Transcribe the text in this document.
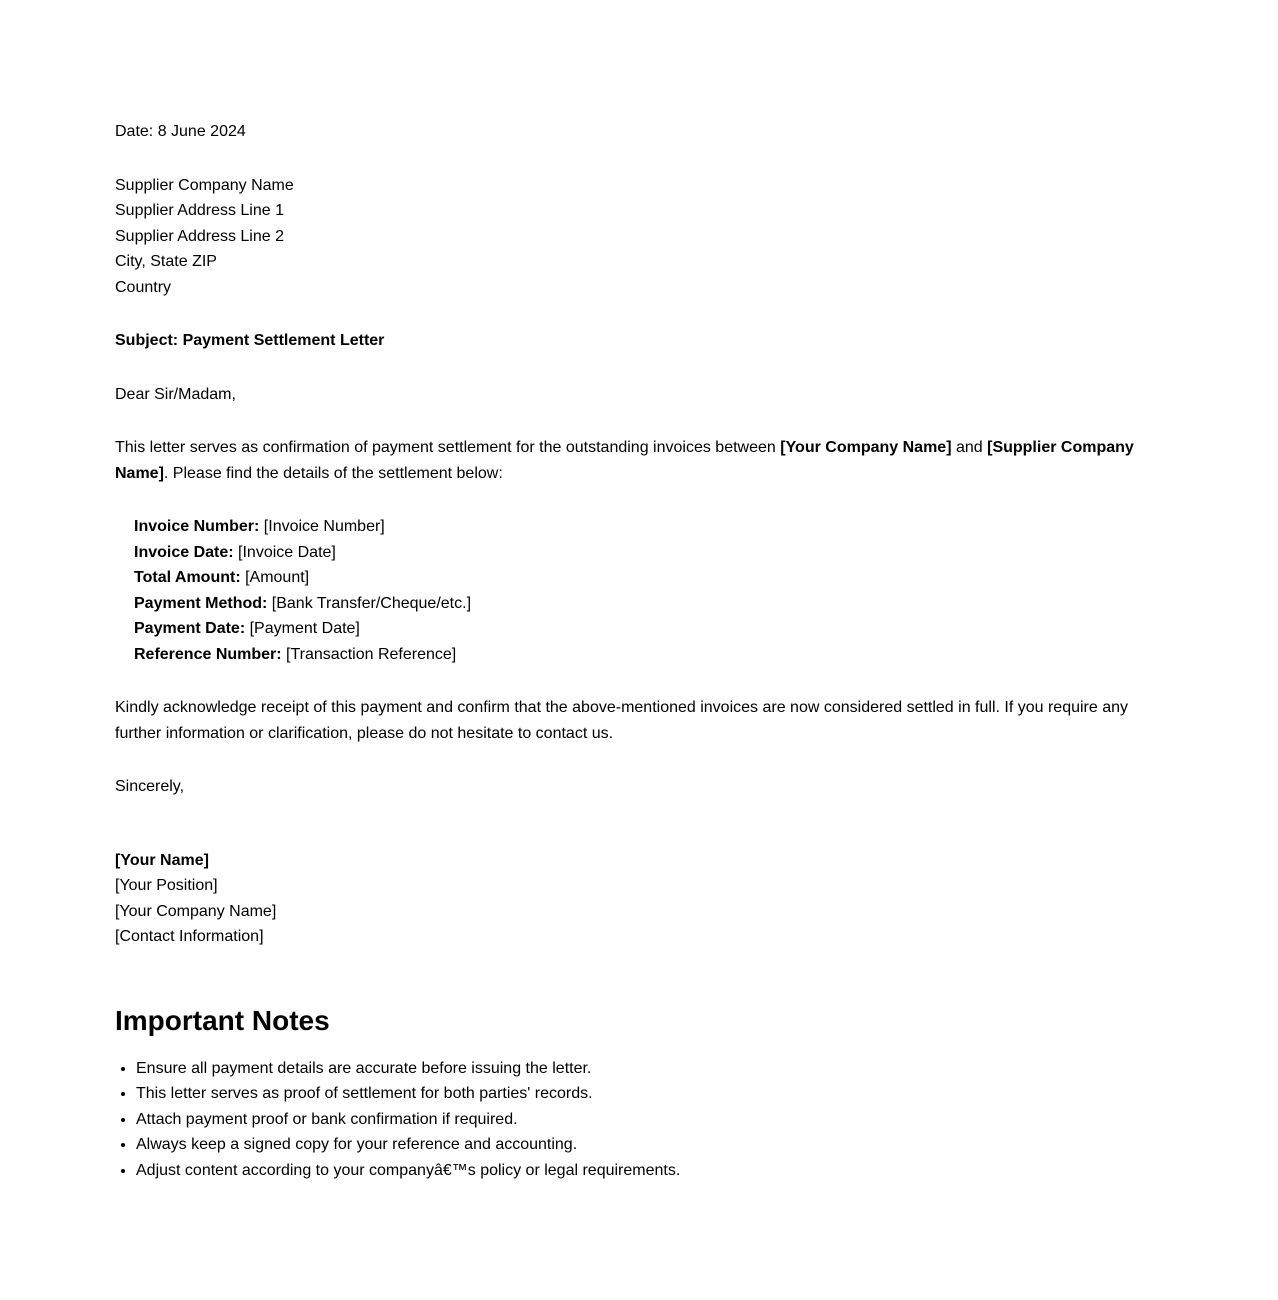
Date: 8 June 2024

Supplier Company Name
Supplier Address Line 1
Supplier Address Line 2
City, State ZIP
Country

Subject: Payment Settlement Letter

Dear Sir/Madam,

This letter serves as confirmation of payment settlement for the outstanding invoices between [Your Company Name] and [Supplier Company Name]. Please find the details of the settlement below:

Invoice Number: [Invoice Number]
Invoice Date: [Invoice Date]
Total Amount: [Amount]
Payment Method: [Bank Transfer/Cheque/etc.]
Payment Date: [Payment Date]
Reference Number: [Transaction Reference]

Kindly acknowledge receipt of this payment and confirm that the above-mentioned invoices are now considered settled in full. If you require any further information or clarification, please do not hesitate to contact us.

Sincerely,

[Your Name]
[Your Position]
[Your Company Name]
[Contact Information]

Important Notes
• Ensure all payment details are accurate before issuing the letter.
• This letter serves as proof of settlement for both parties' records.
• Attach payment proof or bank confirmation if required.
• Always keep a signed copy for your reference and accounting.
• Adjust content according to your companyâ€™s policy or legal requirements.
